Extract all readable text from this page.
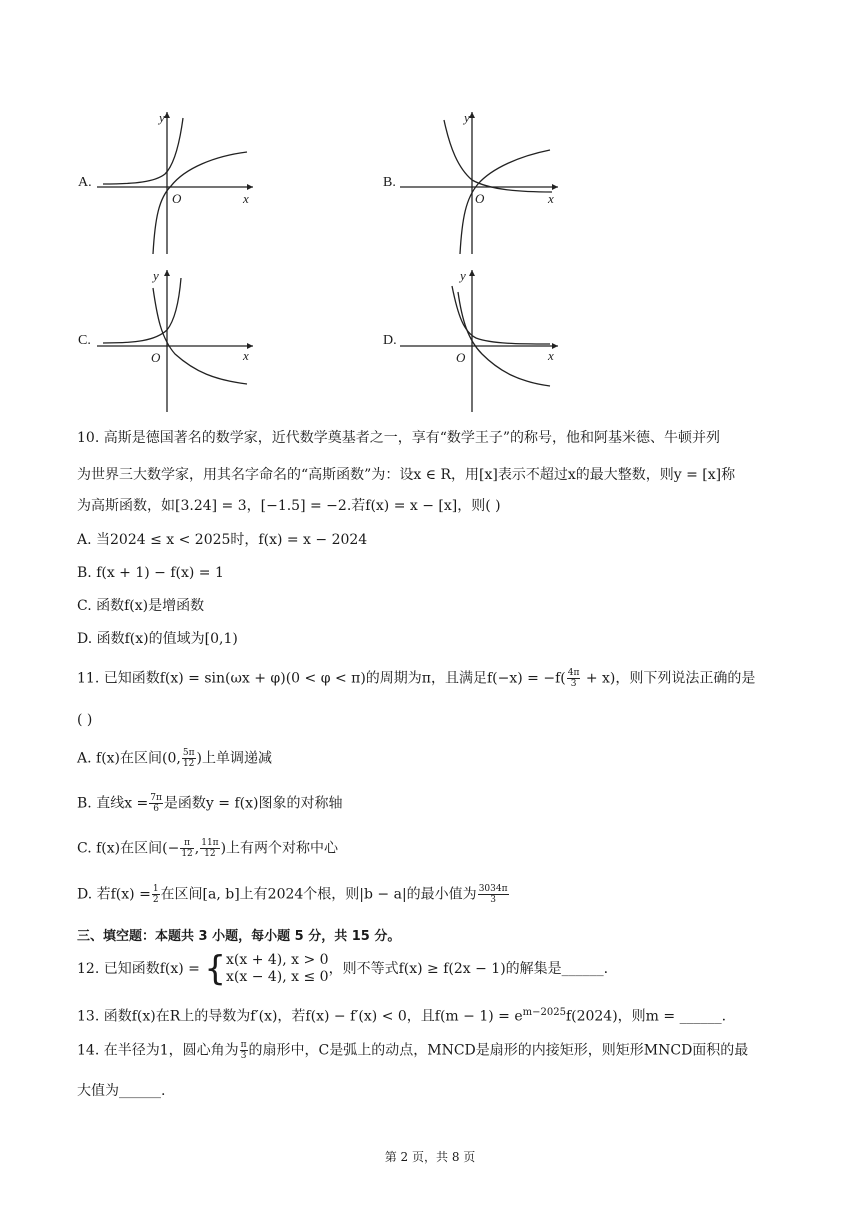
A.
y
x
O
B.
y
x
O
C.
y
x
O
D.
y
x
O
10. 高斯是德国著名的数学家，近代数学奠基者之一，享有“数学王子”的称号，他和阿基米德、牛顿并列
为世界三大数学家，用其名字命名的“高斯函数”为：设x ∈ R，用[x]表示不超过x的最大整数，则y = [x]称
为高斯函数，如[3.24] = 3，[−1.5] = −2.若f(x) = x − [x]，则( )
A. 当2024 ≤ x < 2025时，f(x) = x − 2024
B. f(x + 1) − f(x) = 1
C. 函数f(x)是增函数
D. 函数f(x)的值域为[0,1)
11. 已知函数f(x) = sin(ωx + φ)(0 < φ < π)的周期为π，且满足$f(-x) = -f( \frac{4\pi}{3} + x)$，则下列说法正确的是
( )
A. f(x)在区间(0, $\frac{5\pi}{12}$ )上单调递减
B. 直线$x = \frac{7\pi}{6}$ 是函数y = f(x)图象的对称轴
C. f(x)在区间(− $\frac{\pi}{12}$ , $\frac{11\pi}{12}$ )上有两个对称中心
D. 若$f(x) = \frac{1}{2}$ 在区间[a, b]上有2024个根，则|b − a|的最小值为 $\frac{3034\pi}{3}$
三、填空题：本题共 3 小题，每小题 5 分，共 15 分。
12. 已知函数f(x) = { x(x + 4), x > 0
x(x − 4), x ≤ 0 ，则不等式f(x) ≥ f(2x − 1)的解集是______.
13. 函数f(x)在R上的导数为f′(x)，若f(x) − f′(x) < 0，且$f(m - 1) = e^{m-2025}f(2024)$，则m = ______.
14. 在半径为1，圆心角为 $\frac{\pi}{3}$ 的扇形中，C是弧上的动点，MNCD是扇形的内接矩形，则矩形MNCD面积的最
大值为______.
第 2 页，共 8 页
